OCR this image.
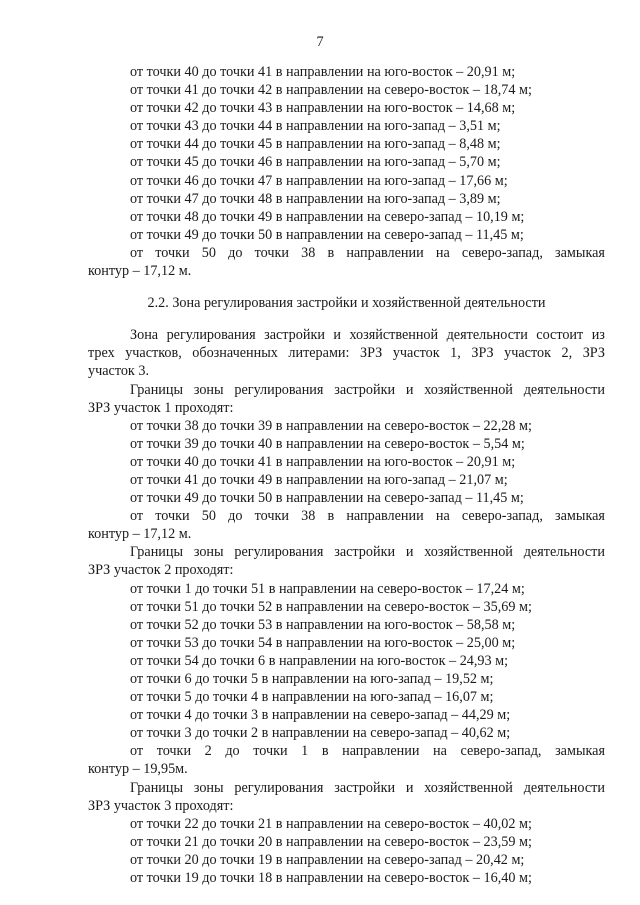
7
от точки 40 до точки 41 в направлении на юго-восток – 20,91 м;
от точки 41 до точки 42 в направлении на северо-восток – 18,74 м;
от точки 42 до точки 43 в направлении на юго-восток – 14,68 м;
от точки 43 до точки 44 в направлении на юго-запад – 3,51 м;
от точки 44 до точки 45 в направлении на юго-запад – 8,48 м;
от точки 45 до точки 46 в направлении на юго-запад – 5,70 м;
от точки 46 до точки 47 в направлении на юго-запад – 17,66 м;
от точки 47 до точки 48 в направлении на юго-запад – 3,89 м;
от точки 48 до точки 49 в направлении на северо-запад – 10,19 м;
от точки 49 до точки 50 в направлении на северо-запад – 11,45 м;
от точки 50 до точки 38 в направлении на северо-запад, замыкая
контур – 17,12 м.
2.2. Зона регулирования застройки и хозяйственной деятельности
Зона регулирования застройки и хозяйственной деятельности состоит из
трех участков, обозначенных литерами: ЗРЗ участок 1, ЗРЗ участок 2, ЗРЗ
участок 3.
Границы зоны регулирования застройки и хозяйственной деятельности
ЗРЗ участок 1 проходят:
от точки 38 до точки 39 в направлении на северо-восток – 22,28 м;
от точки 39 до точки 40 в направлении на северо-восток – 5,54 м;
от точки 40 до точки 41 в направлении на юго-восток – 20,91 м;
от точки 41 до точки 49 в направлении на юго-запад – 21,07 м;
от точки 49 до точки 50 в направлении на северо-запад – 11,45 м;
от точки 50 до точки 38 в направлении на северо-запад, замыкая
контур – 17,12 м.
Границы зоны регулирования застройки и хозяйственной деятельности
ЗРЗ участок 2 проходят:
от точки 1 до точки 51 в направлении на северо-восток – 17,24 м;
от точки 51 до точки 52 в направлении на северо-восток – 35,69 м;
от точки 52 до точки 53 в направлении на юго-восток – 58,58 м;
от точки 53 до точки 54 в направлении на юго-восток – 25,00 м;
от точки 54 до точки 6 в направлении на юго-восток – 24,93 м;
от точки 6 до точки 5 в направлении на юго-запад – 19,52 м;
от точки 5 до точки 4 в направлении на юго-запад – 16,07 м;
от точки 4 до точки 3 в направлении на северо-запад – 44,29 м;
от точки 3 до точки 2 в направлении на северо-запад – 40,62 м;
от точки 2 до точки 1 в направлении на северо-запад, замыкая
контур – 19,95м.
Границы зоны регулирования застройки и хозяйственной деятельности
ЗРЗ участок 3 проходят:
от точки 22 до точки 21 в направлении на северо-восток – 40,02 м;
от точки 21 до точки 20 в направлении на северо-восток – 23,59 м;
от точки 20 до точки 19 в направлении на северо-запад – 20,42 м;
от точки 19 до точки 18 в направлении на северо-восток – 16,40 м;
